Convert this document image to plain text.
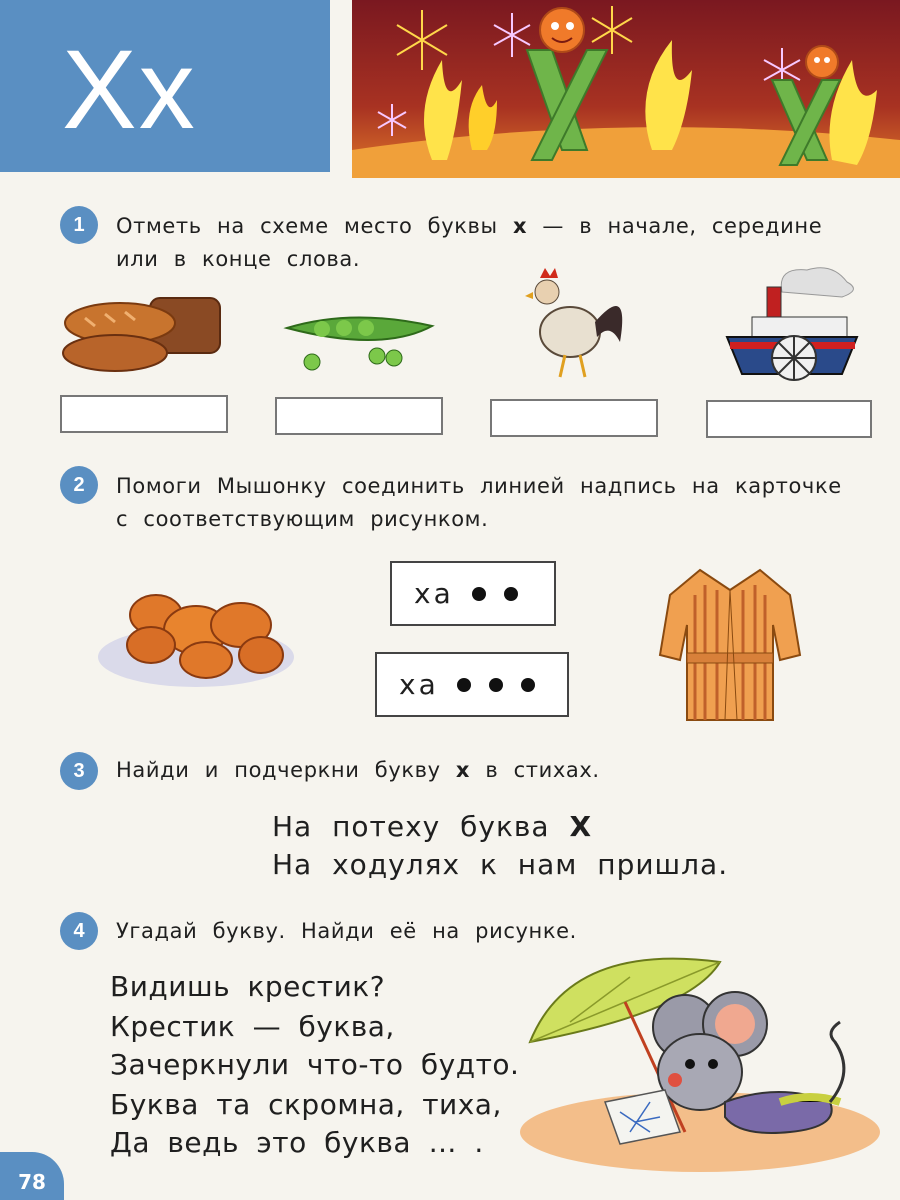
Xx
1	Отметь на схеме место буквы х — в начале, середине
или в конце слова.
2	Помоги Мышонку соединить линией надпись на карточке
с соответствующим рисунком.
ха
ха
3	Найди и подчеркни букву х в стихах.
На потеху буква Х
На ходулях к нам пришла.
4	Угадай букву. Найди её на рисунке.
Видишь крестик?
Крестик — буква,
Зачеркнули что-то будто.
Буква та скромна, тиха,
Да ведь это буква … .
78
